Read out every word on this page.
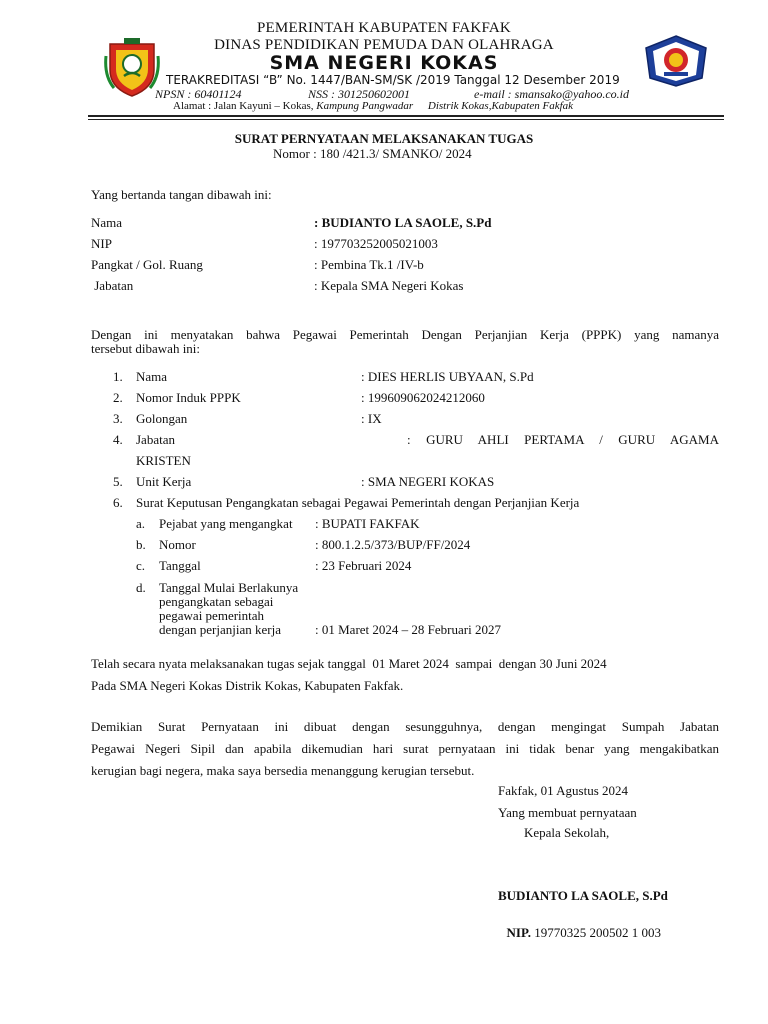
PEMERINTAH KABUPATEN FAKFAK
DINAS PENDIDIKAN PEMUDA DAN OLAHRAGA
SMA NEGERI KOKAS
TERAKREDITASI “B” No. 1447/BAN-SM/SK /2019 Tanggal 12 Desember 2019
NPSN : 60401124	NSS : 301250602001	e-mail : smansako@yahoo.co.id
Alamat : Jalan Kayuni – Kokas, Kampung Pangwadar Distrik Kokas,Kabupaten Fakfak
SURAT PERNYATAAN MELAKSANAKAN TUGAS
Nomor : 180 /421.3/ SMANKO/ 2024
Yang bertanda tangan dibawah ini:
Nama	: BUDIANTO LA SAOLE, S.Pd
NIP	: 197703252005021003
Pangkat / Gol. Ruang	: Pembina Tk.1 /IV-b
Jabatan	: Kepala SMA Negeri Kokas
Dengan ini menyatakan bahwa Pegawai Pemerintah Dengan Perjanjian Kerja (PPPK) yang namanya
tersebut dibawah ini:
1. Nama	: DIES HERLIS UBYAAN, S.Pd
2. Nomor Induk PPPK	: 199609062024212060
3. Golongan	: IX
4. Jabatan	: GURU AHLI PERTAMA / GURU AGAMA
KRISTEN
5. Unit Kerja	: SMA NEGERI KOKAS
6. Surat Keputusan Pengangkatan sebagai Pegawai Pemerintah dengan Perjanjian Kerja
a. Pejabat yang mengangkat : BUPATI FAKFAK
b. Nomor	: 800.1.2.5/373/BUP/FF/2024
c. Tanggal	: 23 Februari 2024
d. Tanggal Mulai Berlakunya
pengangkatan sebagai
pegawai pemerintah
dengan perjanjian kerja	: 01 Maret 2024 – 28 Februari 2027
Telah secara nyata melaksanakan tugas sejak tanggal  01 Maret 2024  sampai  dengan 30 Juni 2024
Pada SMA Negeri Kokas Distrik Kokas, Kabupaten Fakfak.
Demikian Surat Pernyataan ini dibuat dengan sesungguhnya, dengan mengingat Sumpah Jabatan
Pegawai Negeri Sipil dan apabila dikemudian hari surat pernyataan ini tidak benar yang mengakibatkan
kerugian bagi negera, maka saya bersedia menanggung kerugian tersebut.
Fakfak, 01 Agustus 2024
Yang membuat pernyataan
Kepala Sekolah,
BUDIANTO LA SAOLE, S.Pd

NIP. 19770325 200502 1 003
